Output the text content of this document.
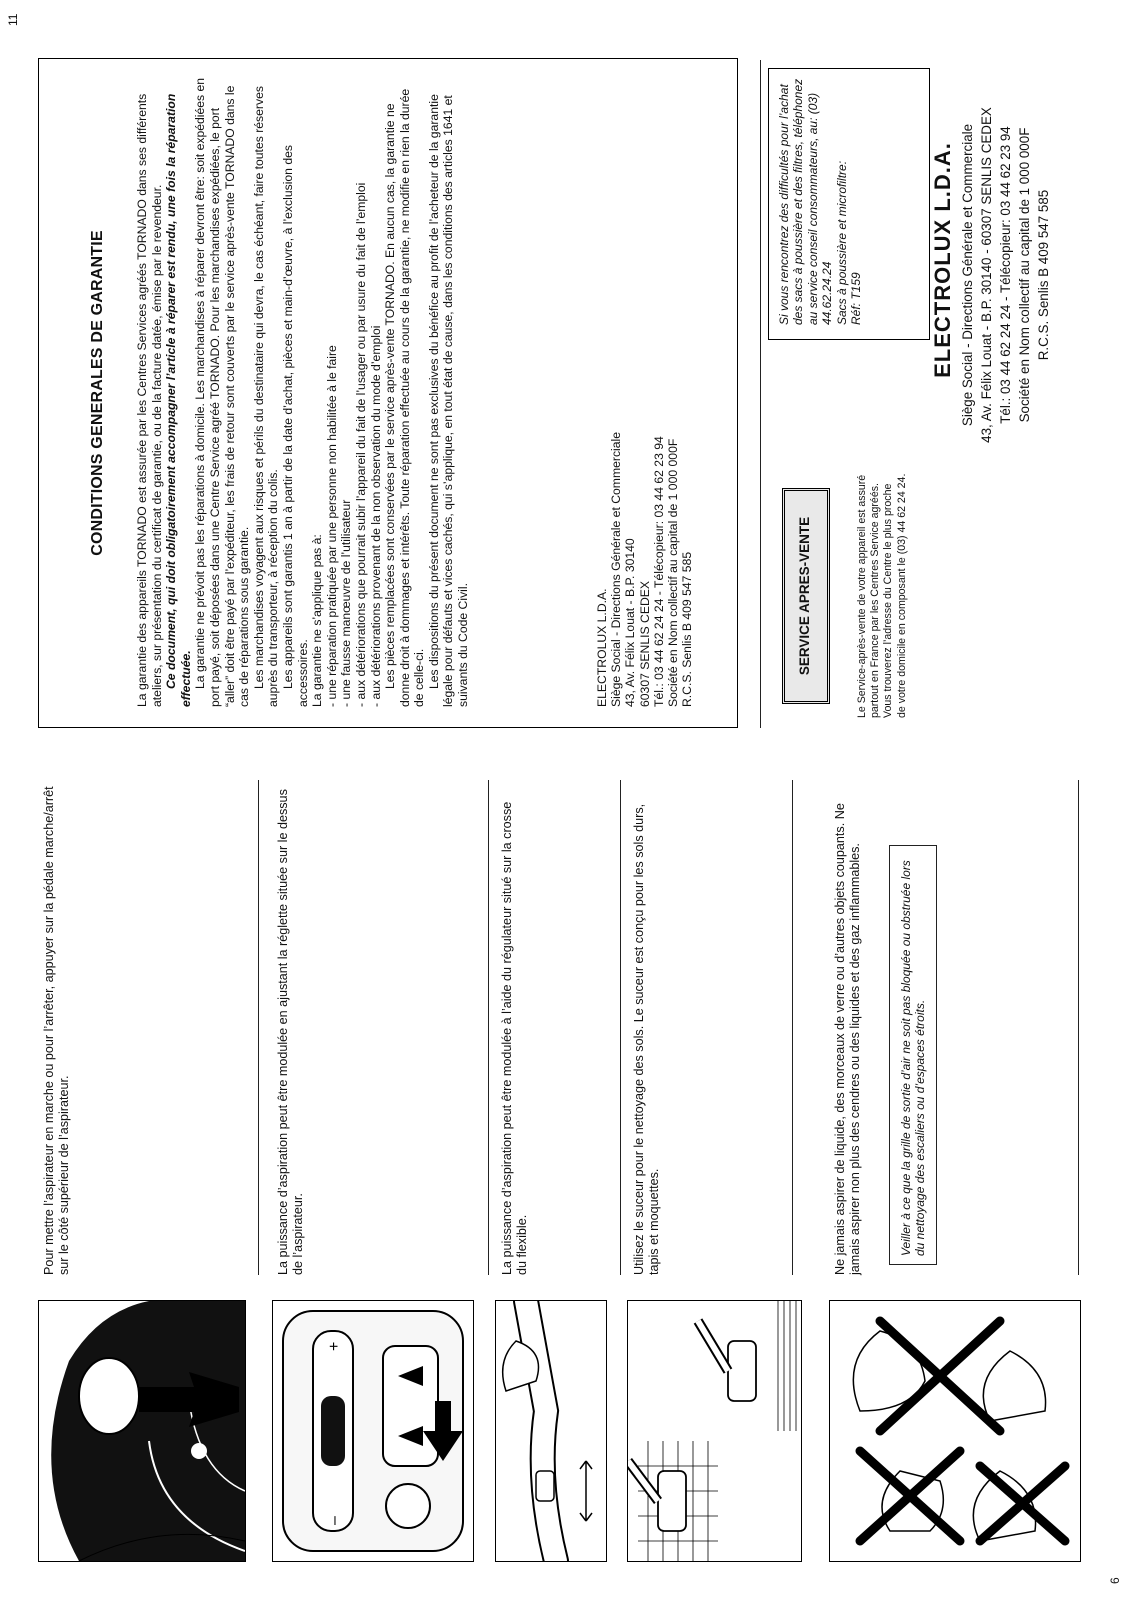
6
Pour mettre l’aspirateur en marche ou pour l’arrêter, appuyer sur la pédale marche/arrêt sur le côté supérieur de l’aspirateur.
–
+
La puissance d’aspiration peut être modulée en ajustant la réglette située sur le dessus de l’aspirateur.	La puissance d’aspiration peut être modulée à l’aide du régulateur situé sur la crosse du flexible.	Utilisez le suceur pour le nettoyage des sols. Le suceur est conçu pour les sols durs, tapis et moquettes.	Ne jamais aspirer de liquide, des morceaux de verre ou d’autres objets coupants. Ne jamais aspirer non plus des cendres ou des liquides et des gaz inflammables.	Veiller à ce que la grille de sortie d’air ne soit pas bloquée ou obstruée lors du nettoyage des escaliers ou d’espaces étroits.
CONDITIONS GENERALES DE GARANTIE La garantie des appareils TORNADO est assurée par les Centres Services agréés TORNADO dans ses différents ateliers, sur présentation du certificat de garantie, ou de la facture datée, émise par le revendeur. Ce document, qui doit obligatoirement accompagner l’article à réparer est rendu, une fois la réparation effectuée. La garantie ne prévoit pas les réparations à domicile. Les marchandises à réparer devront être: soit expédiées en port payé, soit déposées dans une Centre Service agréé TORNADO. Pour les marchandises expédiées, le port “aller” doit être payé par l’expéditeur, les frais de retour sont couverts par le service après-vente TORNADO dans le cas de réparations sous garantie. Les marchandises voyagent aux risques et périls du destinataire qui devra, le cas échéant, faire toutes réserves auprès du transporteur, à réception du colis. Les appareils sont garantis 1 an à partir de la date d’achat, pièces et main-d’œuvre, à l’exclusion des accessoires. La garantie ne s’applique pas à: - une réparation pratiquée par une personne non habilitée à le faire - une fausse manœuvre de l’utilisateur - aux détériorations que pourrait subir l’appareil du fait de l’usager ou par usure du fait de l’emploi - aux détériorations provenant de la non observation du mode d’emploi Les pièces remplacées sont conservées par le service après-vente TORNADO. En aucun cas, la garantie ne donne droit à dommages et intérêts. Toute réparation effectuée au cours de la garantie, ne modifie en rien la durée de celle-ci. Les dispositions du présent document ne sont pas exclusives du bénéfice au profit de l’acheteur de la garantie légale pour défauts et vices cachés, qui s’applique, en tout état de cause, dans les conditions des articles 1641 et suivants du Code Civil.	ELECTROLUX L.D.A. Siège Social - Directions Générale et Commerciale 43, Av. Félix Louat - B.P. 30140 60307 SENLIS CEDEX Tél.: 03 44 62 24 24 - Télécopieur: 03 44 62 23 94 Société en Nom collectif au capital de 1 000 000F R.C.S. Senlis B 409 547 585	SERVICE APRES-VENTE	Le Service-après-vente de votre appareil est assuré partout en France par les Centres Service agréés. Vous trouverez l’adresse du Centre le plus proche de votre domicile en composant le (03) 44 62 24 24.
Si vous rencontrez des difficultés pour l’achat des sacs à poussière et des filtres, téléphonez au service conseil consommateurs, au: (03) 44.62.24.24 Sacs à poussière et microfiltre: Réf: T159	ELECTROLUX L.D.A. Siège Social - Directions Générale et Commerciale 43, Av. Félix Louat - B.P. 30140 - 60307 SENLIS CEDEX Tél.: 03 44 62 24 24 - Télécopieur: 03 44 62 23 94 Société en Nom collectif au capital de 1 000 000F R.C.S. Senlis B 409 547 585
11
